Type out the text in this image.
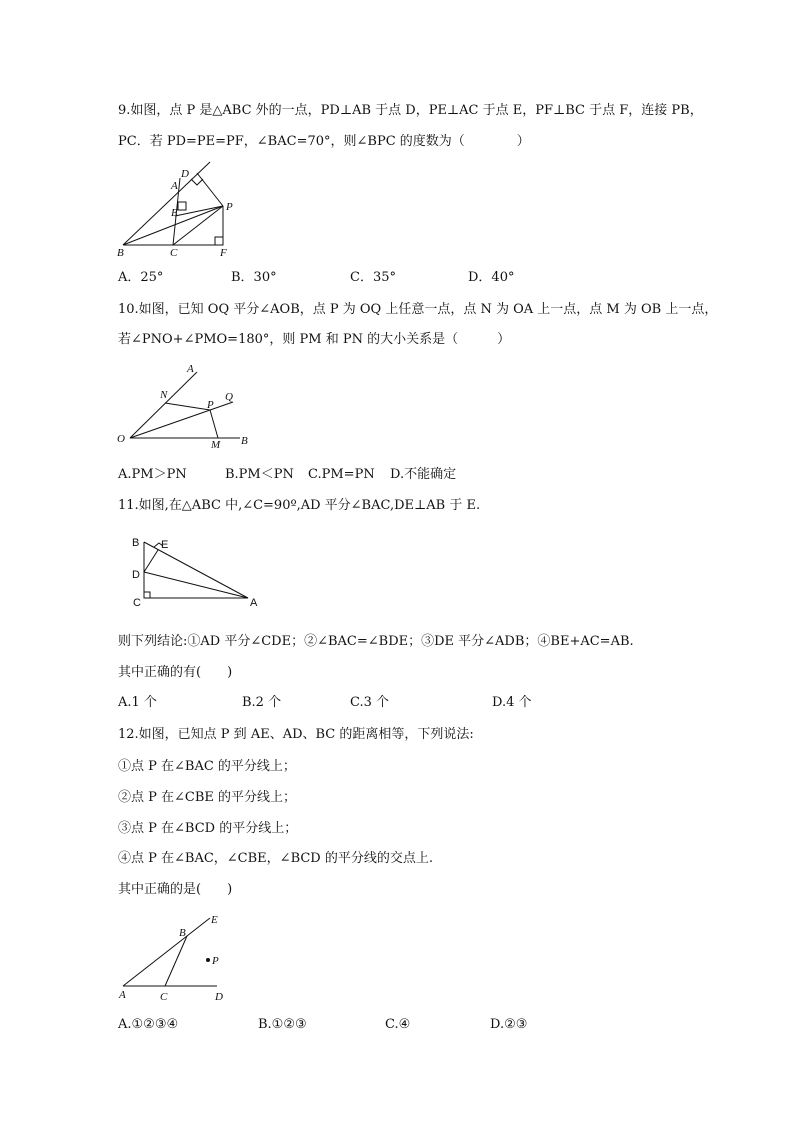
9.如图，点 P 是△ABC 外的一点，PD⊥AB 于点 D，PE⊥AC 于点 E，PF⊥BC 于点 F，连接 PB，
PC．若 PD=PE=PF，∠BAC=70°，则∠BPC 的度数为（　　　　）
D
A
E	P
B	C	F
A．25°	B．30°	C．35°	D．40°
10.如图，已知 OQ 平分∠AOB，点 P 为 OQ 上任意一点，点 N 为 OA 上一点，点 M 为 OB 上一点，
若∠PNO+∠PMO=180°，则 PM 和 PN 的大小关系是（　　　）
A
N
P
Q
O	M B
A.PM＞PN	B.PM＜PN C.PM=PN D.不能确定
11.如图,在△ABC 中,∠C=90º,AD 平分∠BAC,DE⊥AB 于 E.
B E
D
C	A
则下列结论:①AD 平分∠CDE；②∠BAC=∠BDE；③DE 平分∠ADB；④BE+AC=AB.
其中正确的有(　　)
A.1 个	B.2 个	C.3 个	D.4 个
12.如图，已知点 P 到 AE、AD、BC 的距离相等，下列说法:
①点 P 在∠BAC 的平分线上；
②点 P 在∠CBE 的平分线上；
③点 P 在∠BCD 的平分线上；
④点 P 在∠BAC，∠CBE，∠BCD 的平分线的交点上.
其中正确的是(　　)
E
B
P
A	C	D
A.①②③④	B.①②③	C.④	D.②③
